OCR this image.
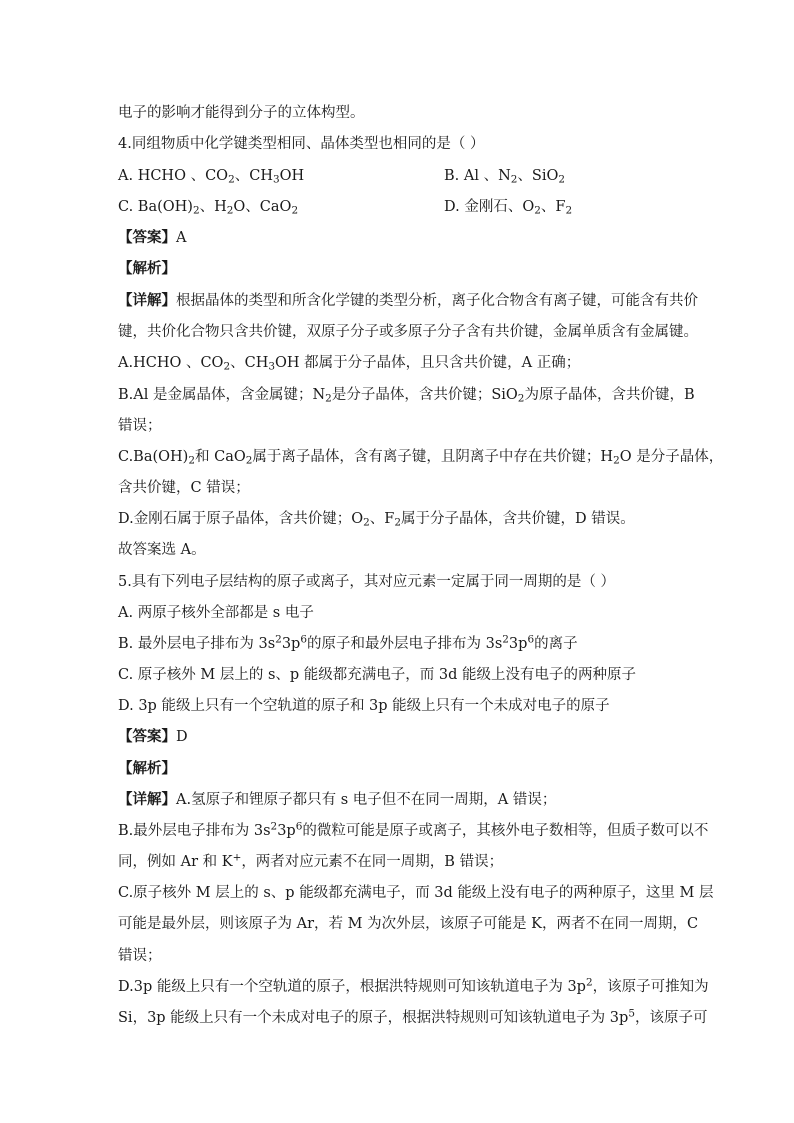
电子的影响才能得到分子的立体构型。
4.同组物质中化学键类型相同、晶体类型也相同的是（ ）
A. HCHO 、$CO_2$、$CH_3OH$	B. Al 、$N_2$、SiO$_2$
C. $Ba(OH)_2$、$H_2O$、CaO$_2$	D. 金刚石、$O_2$、$F_2$
【答案】A
【解析】
【详解】根据晶体的类型和所含化学键的类型分析，离子化合物含有离子键，可能含有共价
键，共价化合物只含共价键，双原子分子或多原子分子含有共价键，金属单质含有金属键。
A.HCHO 、$CO_2$、$CH_3OH$ 都属于分子晶体，且只含共价键，A 正确；
B.Al 是金属晶体，含金属键；$N_2$是分子晶体，含共价键；SiO$_2$为原子晶体，含共价键，B
错误；
$C.Ba(OH)_2$和 CaO$_2$属于离子晶体，含有离子键，且阴离子中存在共价键；$H_2O$ 是分子晶体，
含共价键，C 错误；
D.金刚石属于原子晶体，含共价键；$O_2$、$F_2$属于分子晶体，含共价键，D 错误。
故答案选 A。
5.具有下列电子层结构的原子或离子，其对应元素一定属于同一周期的是（ ）
A. 两原子核外全部都是 s 电子
B. 最外层电子排布为 $3s^23p^6$的原子和最外层电子排布为 $3s^23p^6$的离子
C. 原子核外 M 层上的 s、p 能级都充满电子，而 3d 能级上没有电子的两种原子
D. 3p 能级上只有一个空轨道的原子和 3p 能级上只有一个未成对电子的原子
【答案】D
【解析】
【详解】A.氢原子和锂原子都只有 s 电子但不在同一周期，A 错误；
B.最外层电子排布为 $3s^23p^6$的微粒可能是原子或离子，其核外电子数相等，但质子数可以不
同，例如 Ar 和 K+，两者对应元素不在同一周期，B 错误；
C.原子核外 M 层上的 s、p 能级都充满电子，而 3d 能级上没有电子的两种原子，这里 M 层
可能是最外层，则该原子为 Ar，若 M 为次外层，该原子可能是 K，两者不在同一周期，C
错误；
D.3p 能级上只有一个空轨道的原子，根据洪特规则可知该轨道电子为 $3p^2$，该原子可推知为
Si，3p 能级上只有一个未成对电子的原子，根据洪特规则可知该轨道电子为 $3p^5$，该原子可
